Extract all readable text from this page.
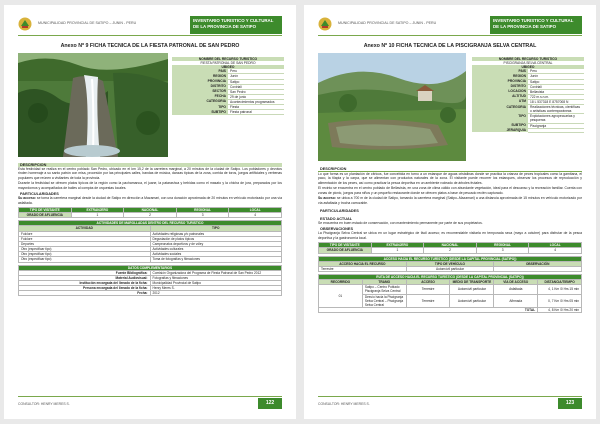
MUNICIPALIDAD PROVINCIAL DE SATIPO – JUNIN - PERU	INVENTARIO TURISTICO Y CULTURAL DE LA PROVINCIA DE SATIPO
Anexo Nº 9 FICHA TECNICA DE LA FIESTA PATRONAL DE SAN PEDRO
NOMBRE DEL RECURSO TURISTICO	
FIESTA PATRONAL DE SAN PEDRO	
UBIGEO	
PAIS	Peru
REGION	Junín
PROVINCIA	Satipo
DISTRITO	Coviriali
SECTOR	San Pedro
FECHA	29 de junio
CATEGORIA	Acontecimientos programados
TIPO	Fiesta
SUBTIPO	Fiesta patronal
DESCRIPCION
Esta festividad se realiza en el centro poblado San Pedro, ubicado en el km 15,2 de la carretera marginal, a 20 minutos de la ciudad de Satipo. Los pobladores y devotos rinden homenaje a su santo patrón con misa, procesión por las principales calles, bandas de música, danzas típicas de la zona, corrida de toros, juegos artificiales y verbenas populares que reúnen a visitantes de toda la provincia.
Durante la festividad se ofrecen platos típicos de la región como la pachamanca, el juane, la patarashca y bebidas como el masato y la chicha de jora, preparados por los mayordomos y acompañados de bailes al compás de orquestas locales.
PARTICULARIDADES
Su acceso: se toma la carretera marginal desde la ciudad de Satipo en dirección a Mazamari, con una duración aproximada de 20 minutos en vehículo motorizado por una vía asfaltada.
TIPO DE VISITANTE	EXTRANJERO	NACIONAL	REGIONAL	LOCAL
GRADO DE AFLUENCIA	1	2	3	4
ACTIVIDADES DE MAROLLADAS DENTRO DEL RECURSO TURISTICO	
ACTIVIDAD	TIPO
Folclore	Actividades religiosas y/o patronales
Folclore	Degustación de platos típicos
Deportes	Campeonatos deportivos y de vóley
Otro (especificar tipo)	Actividades culturales
Otro (especificar tipo)	Actividades sociales
Otro (especificar tipo)	Toma de fotografías y filmaciones
DATOS COMPLEMENTARIOS	
Fuente Bibliográfica:	Comisión Organizadora del Programa de Fiesta Patronal de San Pedro 2012
Material Audiovisual:	Fotografías y filmaciones
Institución encargada del llenado de la ficha:	Municipalidad Provincial de Satipo
Persona encargada del llenado de la ficha:	Henry Meres S.
Fecha:	2012
CONSULTOR: HENRY MERES S.	122
MUNICIPALIDAD PROVINCIAL DE SATIPO – JUNIN - PERU	INVENTARIO TURISTICO Y CULTURAL DE LA PROVINCIA DE SATIPO
Anexo Nº 10 FICHA TECNICA DE LA PISCIGRANJA SELVA CENTRAL
NOMBRE DEL RECURSO TURISTICO	
PISCIGRANJA SELVA CENTRAL	
UBIGEO	
PAIS	Peru
REGION	Junín
PROVINCIA	Satipo
DISTRITO	Coviriali
LOCACION	Bellavista
ALTITUD	722 m.s.n.m.
UTM	18 L 537318 E 8757008 N
CATEGORIA	Realizaciones técnicas, científicas o artísticas contemporáneas
TIPO	Explotaciones agropecuarias y pesqueras
SUBTIPO	Piscigranja
JERARQUIA	
DESCRIPCION
Lo que forma es un plantación de cítricos, fue concebida en torno a un estanque de aguas cristalinas donde se practica la crianza de peces tropicales como la gamitana, el paco, la tilapia y la carpa, que se alimentan con productos naturales de la zona. El visitante puede recorrer los estanques, observar los procesos de reproducción y alimentación de los peces, así como practicar la pesca deportiva en un ambiente rodeado de árboles frutales.
El recinto se encuentra en el centro poblado de Bellavista, en una zona de clima cálido con abundante vegetación, ideal para el descanso y la recreación familiar. Cuenta con zonas de picnic, juegos para niños y un pequeño restaurante donde se ofrecen platos a base de pescado recién capturado.
Su acceso: se ubica a 700 m de la ciudad de Satipo, tomando la carretera marginal (Satipo–Mazamari) a una distancia aproximada de 15 minutos en vehículo motorizado por vía asfaltada y trocha carrozable.
PARTICULARIDADES
ESTADO ACTUAL
Se encuentra en buen estado de conservación, con mantenimiento permanente por parte de sus propietarios.
OBSERVACIONES
La Piscigranja Selva Central se ubica en un lugar estratégico de fácil acceso; es recomendable visitarla en temporada seca (mayo a octubre) para disfrutar de la pesca deportiva y la gastronomía local.
TIPO DE VISITANTE	EXTRANJERO	NACIONAL	REGIONAL	LOCAL
GRADO DE AFLUENCIA	1	2	3	4
ACCESO HACIA EL RECURSO TURÍSTICO (DESDE LA CAPITAL PROVINCIAL (SATIPO))		
ACCESO HACIA EL RECURSO	TIPO DE VEHÍCULO	OBSERVACIÓN
Terrestre	Automóvil particular	
RUTA DE ACCESO HACIA EL RECURSO TURÍSTICO (DESDE LA CAPITAL PROVINCIAL (SATIPO))					
RECORRIDO	TRAMO	ACCESO	MEDIO DE TRANSPORTE	VÍA DE ACCESO	DISTANCIA/TIEMPO
01	Satipo – Centro Poblado Piscigranja Selva Central	Terrestre	Automóvil particular	Asfaltada	4, 1 Km /0 Hrs 15 min
	Desvío hacia la Piscigranja Selva Central – Piscigranja Selva Central	Terrestre	Automóvil particular	Afirmada	0, 7 Km /0 Hrs 05 min
TOTAL					4, 8 Km /0 Hrs 20 min
CONSULTOR: HENRY MERES S.	123
